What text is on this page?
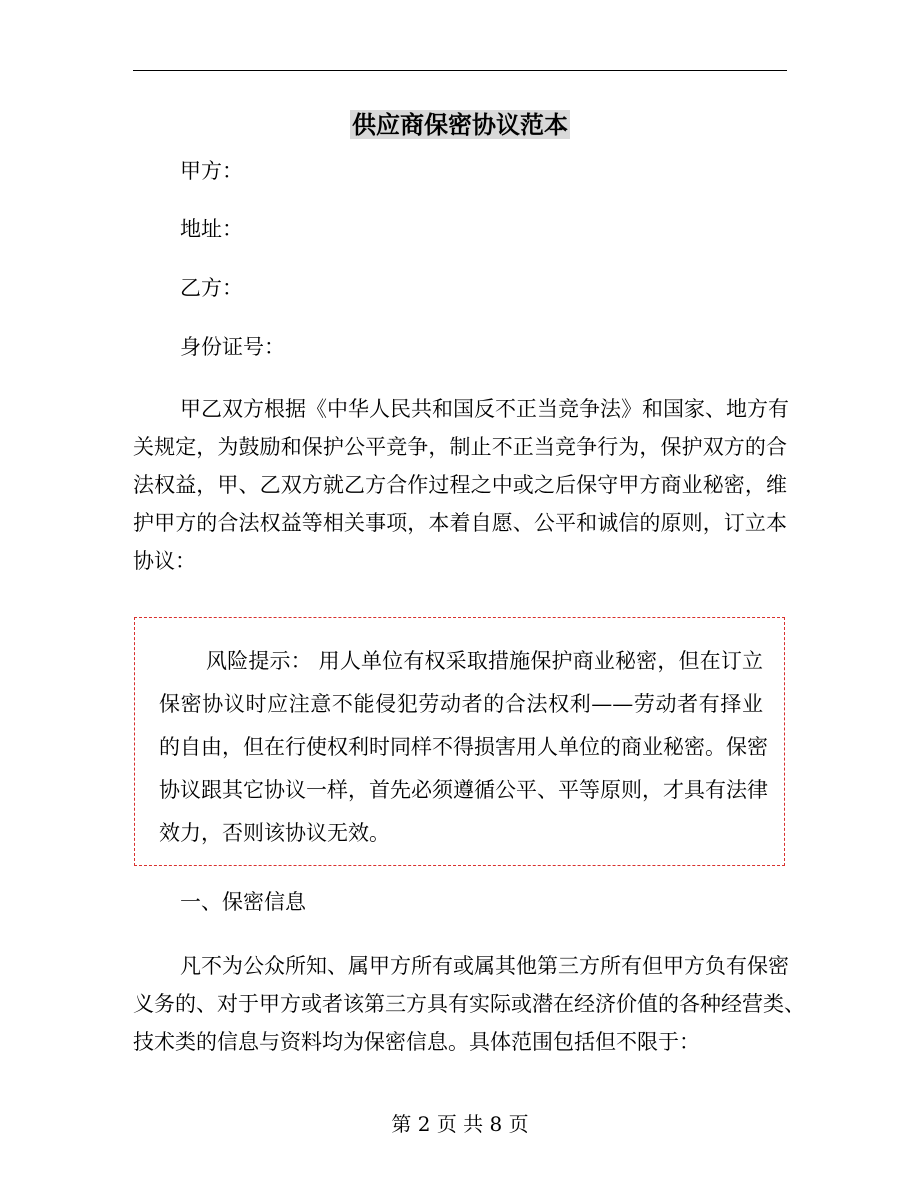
供应商保密协议范本
甲方：
地址：
乙方：
身份证号：
甲乙双方根据《中华人民共和国反不正当竞争法》和国家、地方有
关规定，为鼓励和保护公平竞争，制止不正当竞争行为，保护双方的合
法权益，甲、乙双方就乙方合作过程之中或之后保守甲方商业秘密，维
护甲方的合法权益等相关事项，本着自愿、公平和诚信的原则，订立本
协议：
风险提示： 用人单位有权采取措施保护商业秘密，但在订立
保密协议时应注意不能侵犯劳动者的合法权利——劳动者有择业
的自由，但在行使权利时同样不得损害用人单位的商业秘密。保密
协议跟其它协议一样，首先必须遵循公平、平等原则，才具有法律
效力，否则该协议无效。
一、保密信息
凡不为公众所知、属甲方所有或属其他第三方所有但甲方负有保密
义务的、对于甲方或者该第三方具有实际或潜在经济价值的各种经营类、
技术类的信息与资料均为保密信息。具体范围包括但不限于：
第 2 页 共 8 页
